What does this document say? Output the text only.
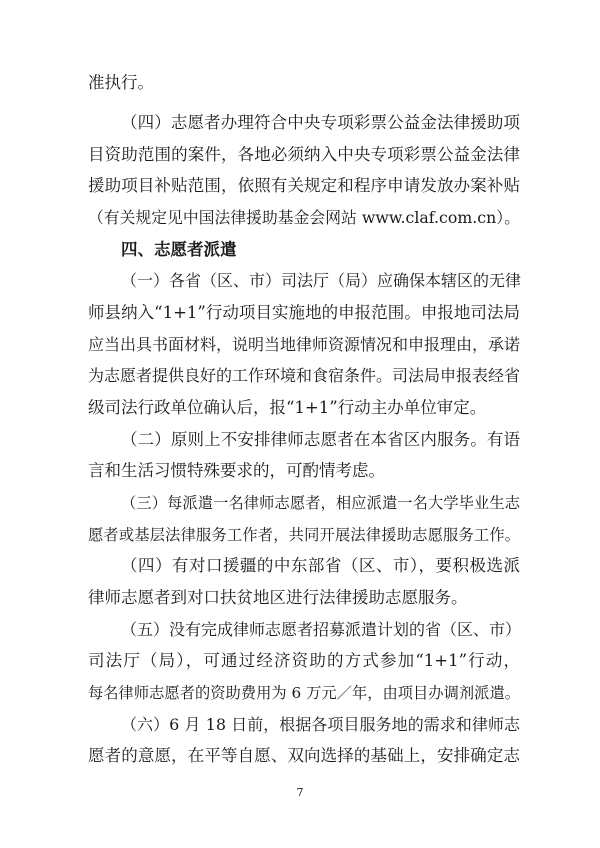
准执行。
（四）志愿者办理符合中央专项彩票公益金法律援助项
目资助范围的案件，各地必须纳入中央专项彩票公益金法律
援助项目补贴范围，依照有关规定和程序申请发放办案补贴
（有关规定见中国法律援助基金会网站 www.claf.com.cn）。
四、志愿者派遣
（一）各省（区、市）司法厅（局）应确保本辖区的无律
师县纳入“1+1”行动项目实施地的申报范围。申报地司法局
应当出具书面材料，说明当地律师资源情况和申报理由，承诺
为志愿者提供良好的工作环境和食宿条件。司法局申报表经省
级司法行政单位确认后，报“1+1”行动主办单位审定。
（二）原则上不安排律师志愿者在本省区内服务。有语
言和生活习惯特殊要求的，可酌情考虑。
（三）每派遣一名律师志愿者，相应派遣一名大学毕业生志
愿者或基层法律服务工作者，共同开展法律援助志愿服务工作。
（四）有对口援疆的中东部省（区、市），要积极选派
律师志愿者到对口扶贫地区进行法律援助志愿服务。
（五）没有完成律师志愿者招募派遣计划的省（区、市）
司法厅（局），可通过经济资助的方式参加“1+1”行动，
每名律师志愿者的资助费用为 6 万元／年，由项目办调剂派遣。
（六）6 月 18 日前，根据各项目服务地的需求和律师志
愿者的意愿，在平等自愿、双向选择的基础上，安排确定志
7
